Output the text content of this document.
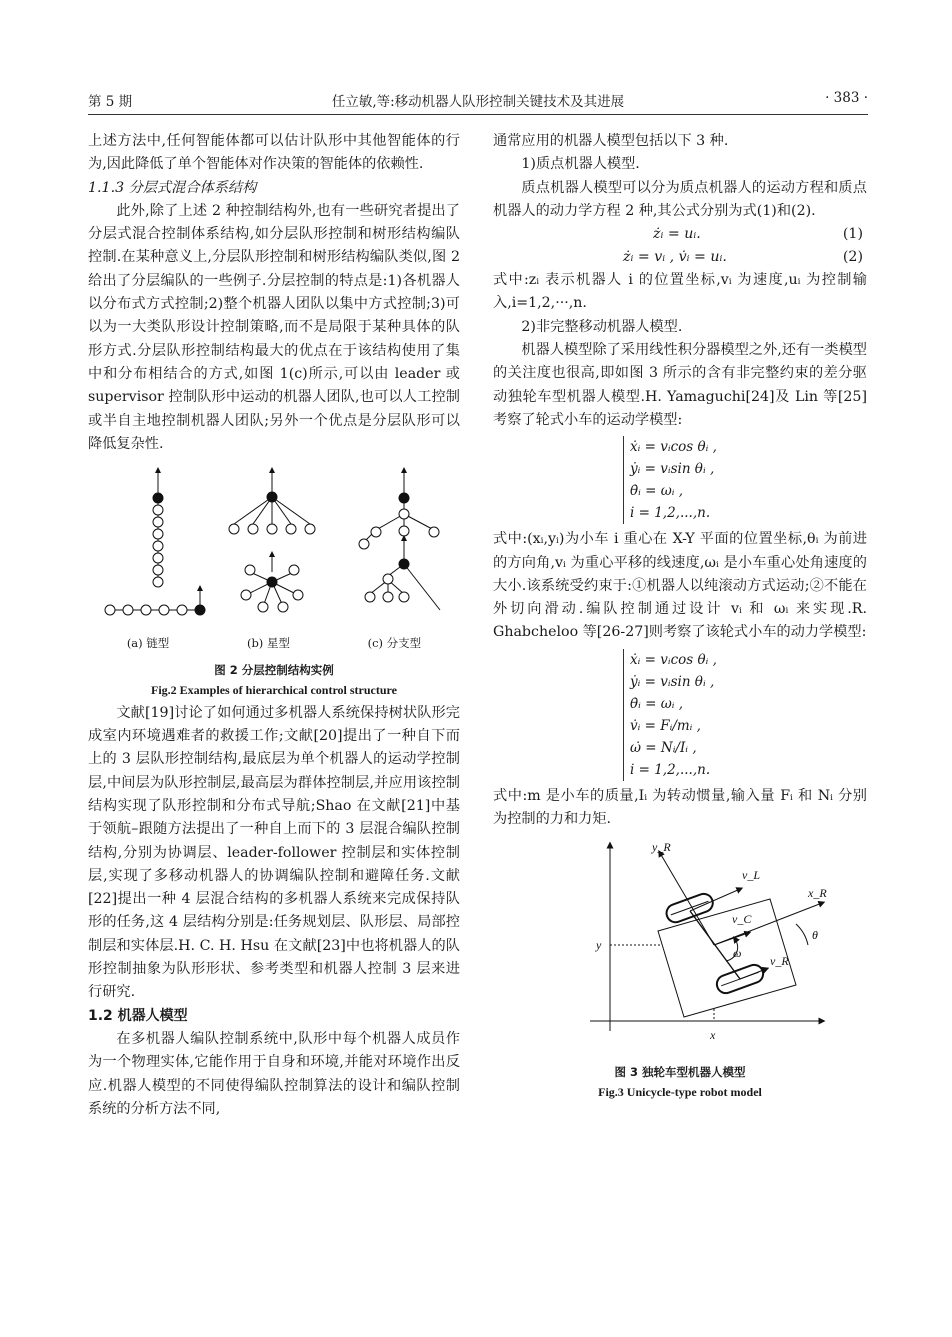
第 5 期	任立敏,等:移动机器人队形控制关键技术及其进展	· 383 ·

上述方法中,任何智能体都可以估计队形中其他智能体的行为,因此降低了单个智能体对作决策的智能体的依赖性.

1.1.3 分层式混合体系结构

此外,除了上述 2 种控制结构外,也有一些研究者提出了分层式混合控制体系结构,如分层队形控制和树形结构编队控制.在某种意义上,分层队形控制和树形结构编队类似,图 2 给出了分层编队的一些例子.分层控制的特点是:1)各机器人以分布式方式控制;2)整个机器人团队以集中方式控制;3)可以为一大类队形设计控制策略,而不是局限于某种具体的队形方式.分层队形控制结构最大的优点在于该结构使用了集中和分布相结合的方式,如图 1(c)所示,可以由 leader 或 supervisor 控制队形中运动的机器人团队,也可以人工控制或半自主地控制机器人团队;另外一个优点是分层队形可以降低复杂性.

(a) 链型	(b) 星型	(c) 分支型

图 2 分层控制结构实例

Fig.2 Examples of hierarchical control structure

文献[19]讨论了如何通过多机器人系统保持树状队形完成室内环境遇难者的救援工作;文献[20]提出了一种自下而上的 3 层队形控制结构,最底层为单个机器人的运动学控制层,中间层为队形控制层,最高层为群体控制层,并应用该控制结构实现了队形控制和分布式导航;Shao 在文献[21]中基于领航–跟随方法提出了一种自上而下的 3 层混合编队控制结构,分别为协调层、leader-follower 控制层和实体控制层,实现了多移动机器人的协调编队控制和避障任务.文献[22]提出一种 4 层混合结构的多机器人系统来完成保持队形的任务,这 4 层结构分别是:任务规划层、队形层、局部控制层和实体层.H. C. H. Hsu 在文献[23]中也将机器人的队形控制抽象为队形形状、参考类型和机器人控制 3 层来进行研究.

1.2 机器人模型

在多机器人编队控制系统中,队形中每个机器人成员作为一个物理实体,它能作用于自身和环境,并能对环境作出反应.机器人模型的不同使得编队控制算法的设计和编队控制系统的分析方法不同,

通常应用的机器人模型包括以下 3 种.

1)质点机器人模型.

质点机器人模型可以分为质点机器人的运动方程和质点机器人的动力学方程 2 种,其公式分别为式(1)和(2).

żᵢ = uᵢ.	(1)
żᵢ = vᵢ , v̇ᵢ = uᵢ.	(2)

式中:zᵢ 表示机器人 i 的位置坐标,vᵢ 为速度,uᵢ 为控制输入,i=1,2,···,n.

2)非完整移动机器人模型.

机器人模型除了采用线性积分器模型之外,还有一类模型的关注度也很高,即如图 3 所示的含有非完整约束的差分驱动独轮车型机器人模型.H. Yamaguchi[24]及 Lin 等[25]考察了轮式小车的运动学模型:

ẋᵢ = vᵢcos θᵢ ,
ẏᵢ = vᵢsin θᵢ ,
θ̇ᵢ = ωᵢ ,
i = 1,2,...,n.

式中:(xᵢ,yᵢ)为小车 i 重心在 X-Y 平面的位置坐标,θᵢ 为前进的方向角,vᵢ 为重心平移的线速度,ωᵢ 是小车重心处角速度的大小.该系统受约束于:①机器人以纯滚动方式运动;②不能在外切向滑动.编队控制通过设计 vᵢ 和 ωᵢ 来实现.R. Ghabcheloo 等[26-27]则考察了该轮式小车的动力学模型:

ẋᵢ = vᵢcos θᵢ ,
ẏᵢ = vᵢsin θᵢ ,
θ̇ᵢ = ωᵢ ,
v̇ᵢ = Fᵢ/mᵢ ,
ω̇ = Nᵢ/Iᵢ ,
i = 1,2,...,n.

式中:m 是小车的质量,Iᵢ 为转动惯量,输入量 Fᵢ 和 Nᵢ 分别为控制的力和力矩.

y_R
v_L
x_R
v_C
ω
θ
v_R
y
x

图 3 独轮车型机器人模型

Fig.3 Unicycle-type robot model
